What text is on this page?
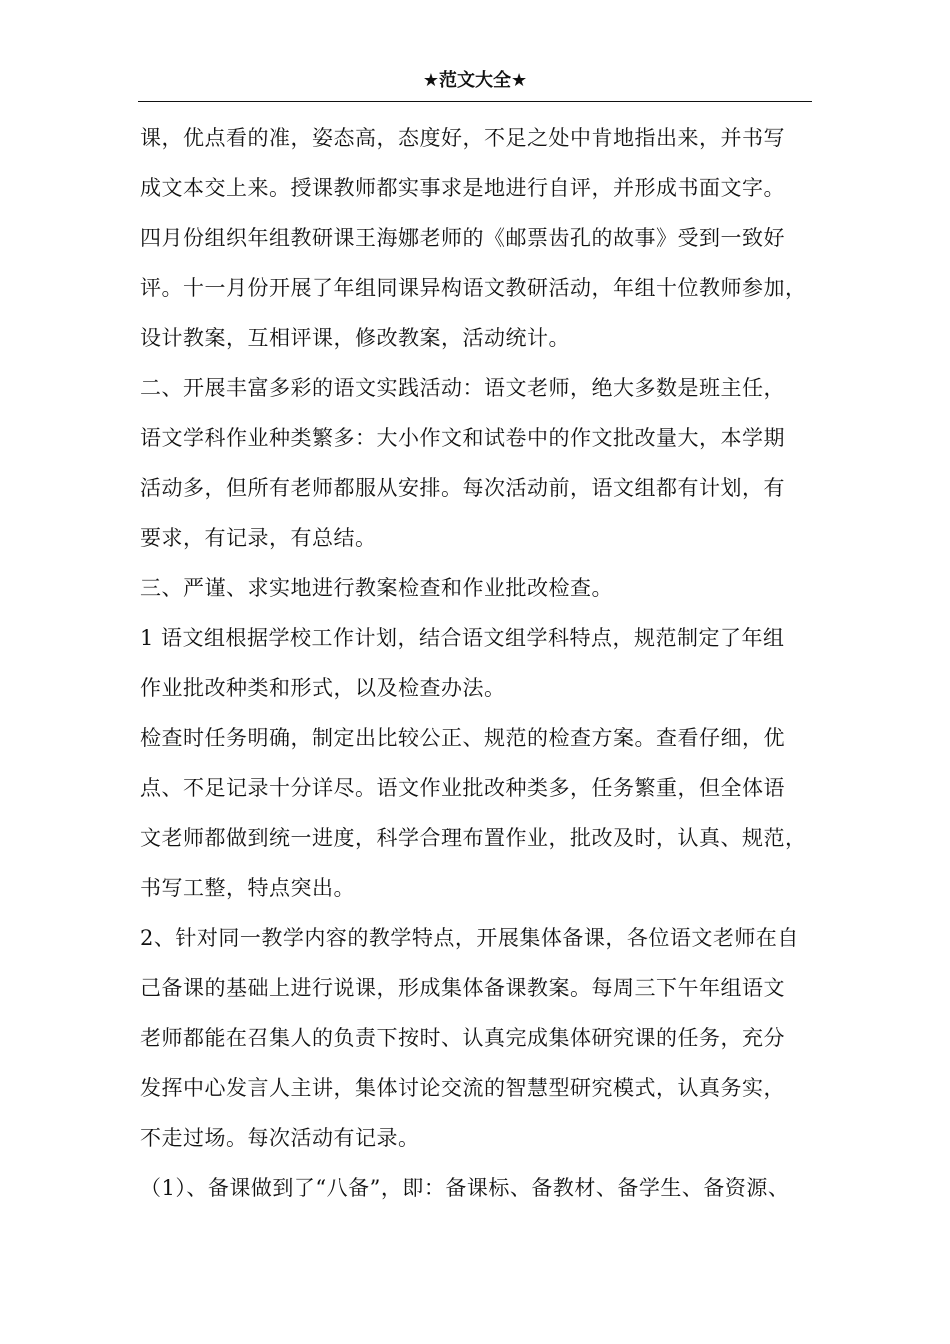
★范文大全★
课，优点看的准，姿态高，态度好，不足之处中肯地指出来，并书写
成文本交上来。授课教师都实事求是地进行自评，并形成书面文字。
四月份组织年组教研课王海娜老师的《邮票齿孔的故事》受到一致好
评。十一月份开展了年组同课异构语文教研活动，年组十位教师参加，
设计教案，互相评课，修改教案，活动统计。
二、开展丰富多彩的语文实践活动：语文老师，绝大多数是班主任，
语文学科作业种类繁多：大小作文和试卷中的作文批改量大，本学期
活动多，但所有老师都服从安排。每次活动前，语文组都有计划，有
要求，有记录，有总结。
三、严谨、求实地进行教案检查和作业批改检查。
1 语文组根据学校工作计划，结合语文组学科特点，规范制定了年组
作业批改种类和形式，以及检查办法。
检查时任务明确，制定出比较公正、规范的检查方案。查看仔细，优
点、不足记录十分详尽。语文作业批改种类多，任务繁重，但全体语
文老师都做到统一进度，科学合理布置作业，批改及时，认真、规范，
书写工整，特点突出。
2、针对同一教学内容的教学特点，开展集体备课，各位语文老师在自
己备课的基础上进行说课，形成集体备课教案。每周三下午年组语文
老师都能在召集人的负责下按时、认真完成集体研究课的任务，充分
发挥中心发言人主讲，集体讨论交流的智慧型研究模式，认真务实，
不走过场。每次活动有记录。
（1）、备课做到了“八备”，即：备课标、备教材、备学生、备资源、
